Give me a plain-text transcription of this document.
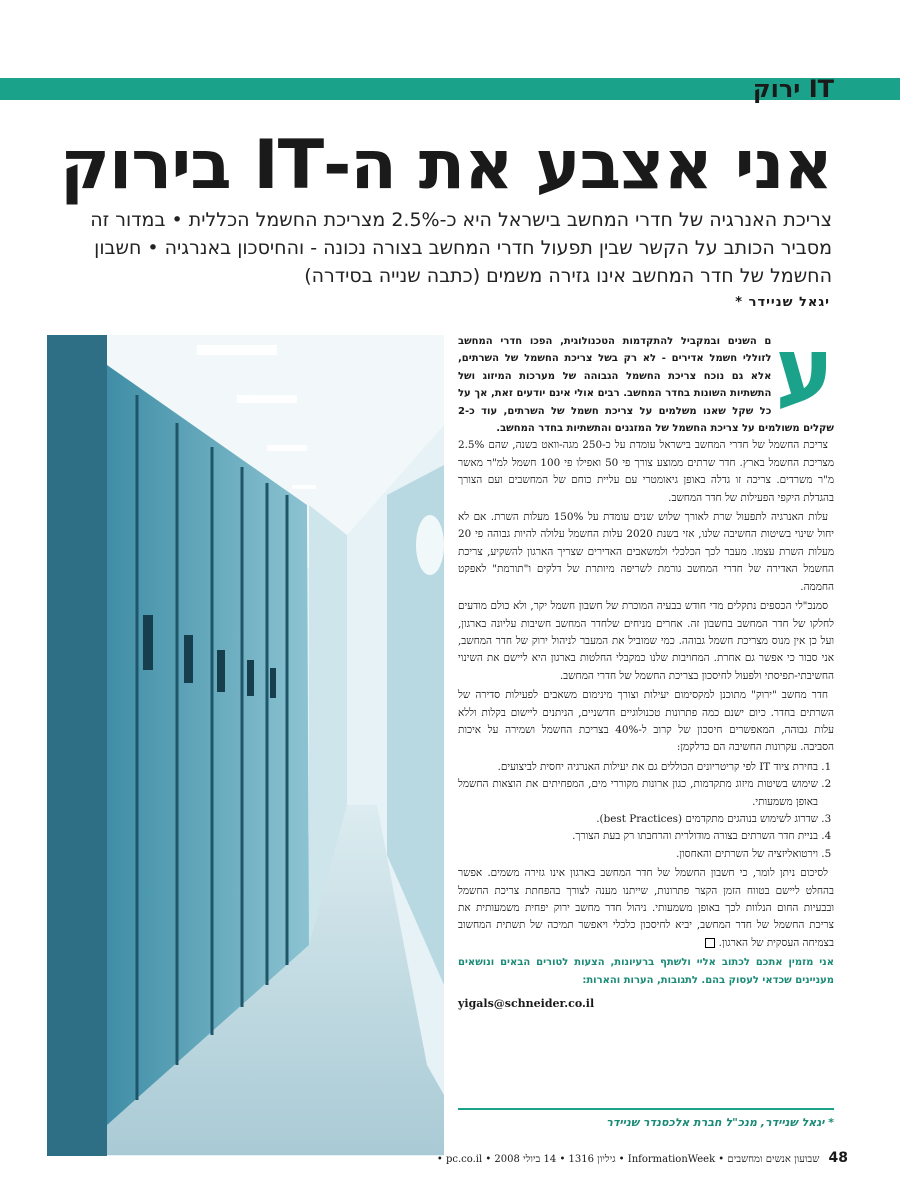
IT ירוק
אני אצבע את ה-IT בירוק
צריכת האנרגיה של חדרי המחשב בישראל היא כ-2.5% מצריכת החשמל הכללית • במדור זה מסביר הכותב על הקשר שבין תפעול חדרי המחשב בצורה נכונה - והחיסכון באנרגיה • חשבון החשמל של חדר המחשב אינו גזירה משמים (כתבה שנייה בסידרה)
יגאל שניידר *
ע
ם השנים ובמקביל להתקדמות הטכנולוגית, הפכו חדרי המחשב לזוללי חשמל אדירים - לא רק בשל צריכת החשמל של השרתים, אלא גם נוכח צריכת החשמל הגבוהה של מערכות המיזוג ושל התשתיות השונות בחדר המחשב. רבים אולי אינם יודעים זאת, אך על כל שקל שאנו משלמים על צריכת חשמל של השרתים, עוד כ-2 שקלים משולמים על צריכת החשמל של המזגנים והתשתיות בחדר המחשב.

צריכת החשמל של חדרי המחשב בישראל עומדת על כ-250 מגה-וואט בשנה, שהם 2.5% מצריכת החשמל בארץ. חדר שרתים ממוצע צורך פי 50 ואפילו פי 100 חשמל למ"ר מאשר מ"ר משרדים. צריכה זו גדלה באופן גיאומטרי עם עליית כוחם של המחשבים ועם הצורך בהגדלת היקפי הפעילות של חדר המחשב.

עלות האנרגיה לתפעול שרת לאורך שלוש שנים עומדת על 150% מעלות השרת. אם לא יחול שינוי בשיטות החשיבה שלנו, אזי בשנת 2020 עלות החשמל עלולה להיות גבוהה פי 20 מעלות השרת עצמו. מעבר לכך הכלכלי ולמשאבים האדירים שצריך הארגון להשקיע, צריכת החשמל האדירה של חדרי המחשב גורמת לשריפה מיותרת של דלקים ו"תורמת" לאפקט החממה.

סמנכ"לי הכספים נתקלים מדי חודש בבעיה המוכרת של חשבון חשמל יקר, ולא כולם מודעים לחלקו של חדר המחשב בחשבון זה. אחרים מניחים שלחדר המחשב חשיבות עליונה בארגון, ועל כן אין מנוס מצריכת חשמל גבוהה. כמי שמוביל את המעבר לניהול ירוק של חדר המחשב, אני סבור כי אפשר גם אחרת. המחויבות שלנו כמקבלי החלטות בארגון היא ליישם את השינוי החשיבתי-תפיסתי ולפעול לחיסכון בצריכת החשמל של חדרי המחשב.

חדר מחשב "ירוק" מתוכנן למקסימום יעילות וצורך מינימום משאבים לפעילות סדירה של השרתים בחדר. כיום ישנם כמה פתרונות טכנולוגיים חדשניים, הניתנים ליישום בקלות וללא עלות גבוהה, המאפשרים חיסכון של קרוב ל-40% בצריכת החשמל ושמירה על איכות הסביבה. עקרונות החשיבה הם כדלקמן:

1. בחירת ציוד IT לפי קריטריונים הכוללים גם את יעילות האנרגיה יחסית לביצועים.
2. שימוש בשיטות מיזוג מתקדמות, כגון ארונות מקוררי מים, המפחיתים את הוצאות החשמל באופן משמעותי.
3. שדרוג לשימוש בנוהגים מתקדמים (best Practices).
4. בניית חדר השרתים בצורה מודולרית והרחבתו רק בעת הצורך.
5. וירטואליזציה של השרתים והאחסון.

לסיכום ניתן לומר, כי חשבון החשמל של חדר המחשב בארגון אינו גזירה משמים. אפשר בהחלט ליישם בטווח הזמן הקצר פתרונות, שייתנו מענה לצורך בהפחתת צריכת החשמל ובבעיות החום הנלוות לכך באופן משמעותי. ניהול חדר מחשב ירוק יפחית משמעותית את צריכת החשמל של חדר המחשב, יביא לחיסכון כלכלי ויאפשר תמיכה של תשתית המחשוב בצמיחה העסקית של הארגון.

אני מזמין אתכם לכתוב אליי ולשתף ברעיונות, הצעות לטורים הבאים ונושאים מעניינים שכדאי לעסוק בהם. לתגובות, הערות והארות:
yigals@schneider.co.il
* יגאל שניידר, מנכ"ל חברת אלכסנדר שניידר
48 שבועון אנשים ומחשבים • InformationWeek • גיליון 1316 • 14 ביולי 2008 • pc.co.il •
